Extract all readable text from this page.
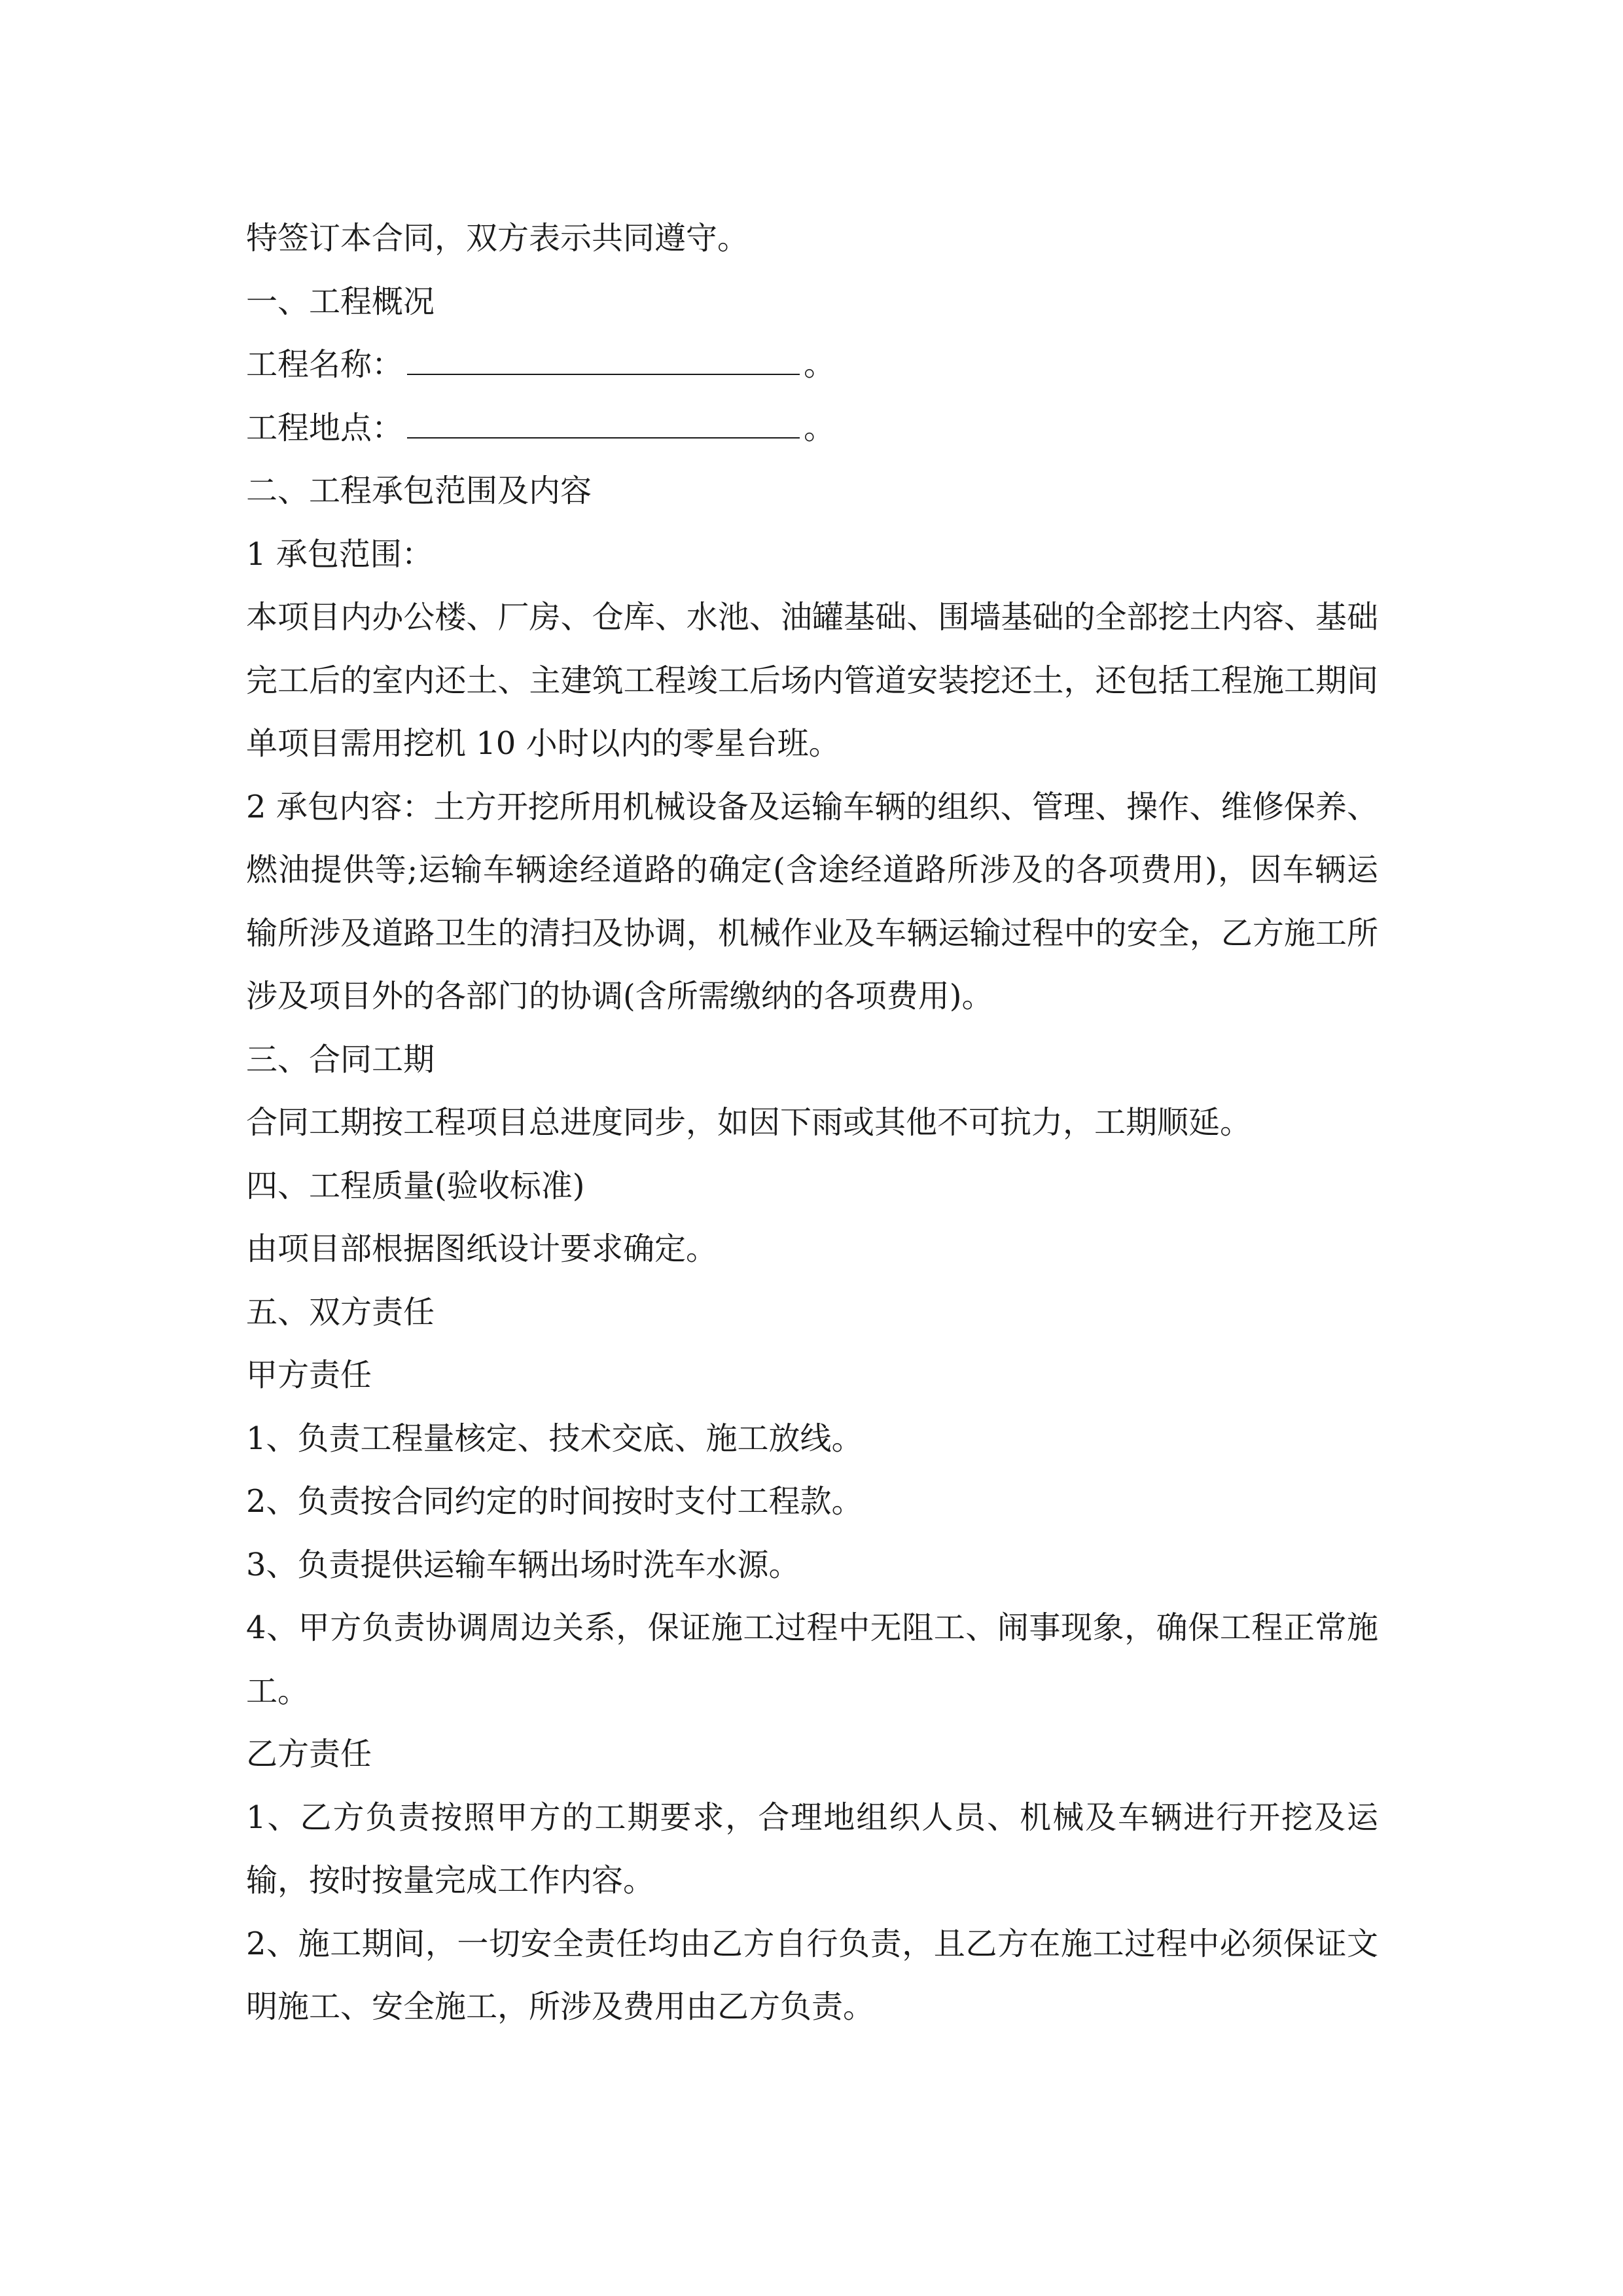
特签订本合同，双方表示共同遵守。

一、工程概况

工程名称：	。

工程地点：	。

二、工程承包范围及内容

1 承包范围：

本项目内办公楼、厂房、仓库、水池、油罐基础、围墙基础的全部挖土内容、基础完工后的室内还土、主建筑工程竣工后场内管道安装挖还土，还包括工程施工期间单项目需用挖机 10 小时以内的零星台班。

2 承包内容：土方开挖所用机械设备及运输车辆的组织、管理、操作、维修保养、燃油提供等;运输车辆途经道路的确定(含途经道路所涉及的各项费用)，因车辆运输所涉及道路卫生的清扫及协调，机械作业及车辆运输过程中的安全，乙方施工所涉及项目外的各部门的协调(含所需缴纳的各项费用)。

三、合同工期

合同工期按工程项目总进度同步，如因下雨或其他不可抗力，工期顺延。

四、工程质量(验收标准)

由项目部根据图纸设计要求确定。

五、双方责任

甲方责任

1、负责工程量核定、技术交底、施工放线。

2、负责按合同约定的时间按时支付工程款。

3、负责提供运输车辆出场时洗车水源。

4、甲方负责协调周边关系，保证施工过程中无阻工、闹事现象，确保工程正常施工。

乙方责任

1、乙方负责按照甲方的工期要求，合理地组织人员、机械及车辆进行开挖及运输，按时按量完成工作内容。

2、施工期间，一切安全责任均由乙方自行负责，且乙方在施工过程中必须保证文明施工、安全施工，所涉及费用由乙方负责。
